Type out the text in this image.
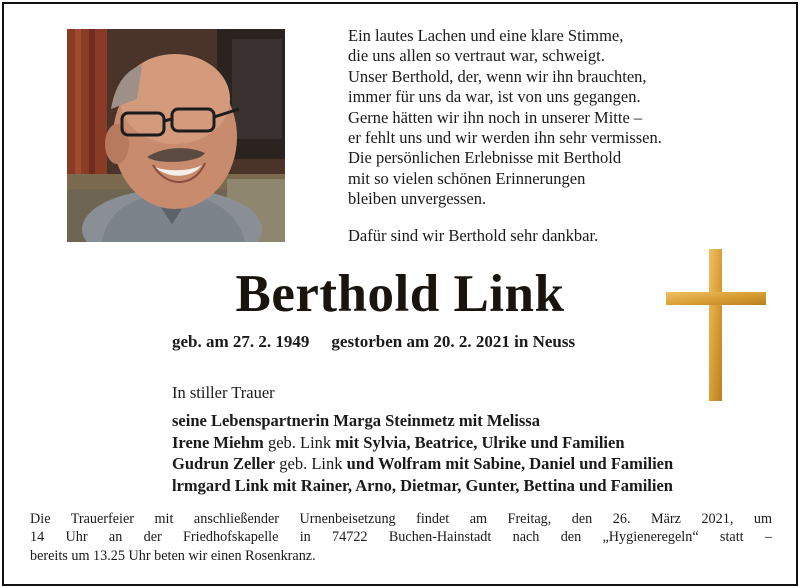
Ein lautes Lachen und eine klare Stimme,
die uns allen so vertraut war, schweigt.
Unser Berthold, der, wenn wir ihn brauchten,
immer für uns da war, ist von uns gegangen.
Gerne hätten wir ihn noch in unserer Mitte –
er fehlt uns und wir werden ihn sehr vermissen.
Die persönlichen Erlebnisse mit Berthold
mit so vielen schönen Erinnerungen
bleiben unvergessen.
Dafür sind wir Berthold sehr dankbar.
Berthold Link
geb. am 27. 2. 1949 gestorben am 20. 2. 2021 in Neuss
In stiller Trauer
seine Lebenspartnerin Marga Steinmetz mit Melissa
Irene Miehm geb. Link mit Sylvia, Beatrice, Ulrike und Familien
Gudrun Zeller geb. Link und Wolfram mit Sabine, Daniel und Familien
lrmgard Link mit Rainer, Arno, Dietmar, Gunter, Bettina und Familien
Die Trauerfeier mit anschließender Urnenbeisetzung findet am Freitag, den 26. März 2021, um
14 Uhr an der Friedhofskapelle in 74722 Buchen-Hainstadt nach den „Hygieneregeln“ statt –
bereits um 13.25 Uhr beten wir einen Rosenkranz.
